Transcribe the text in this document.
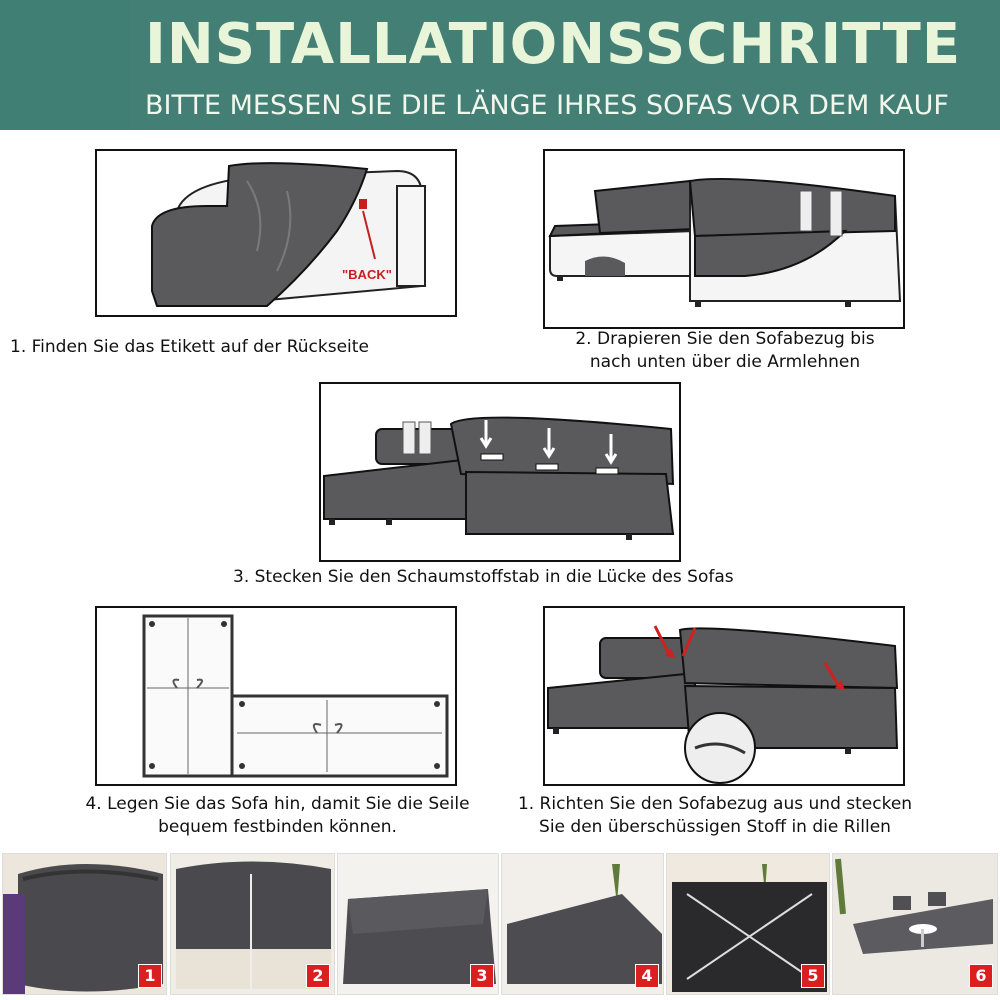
INSTALLATIONSSCHRITTE
BITTE MESSEN SIE DIE LÄNGE IHRES SOFAS VOR DEM KAUF
"BACK"
1. Finden Sie das Etikett auf der Rückseite	2. Drapieren Sie den Sofabezug bis
nach unten über die Armlehnen
3. Stecken Sie den Schaumstoffstab in die Lücke des Sofas
4. Legen Sie das Sofa hin, damit Sie die Seile
bequem festbinden können.
1. Richten Sie den Sofabezug aus und stecken
Sie den überschüssigen Stoff in die Rillen
1	2	3	4	5	6
